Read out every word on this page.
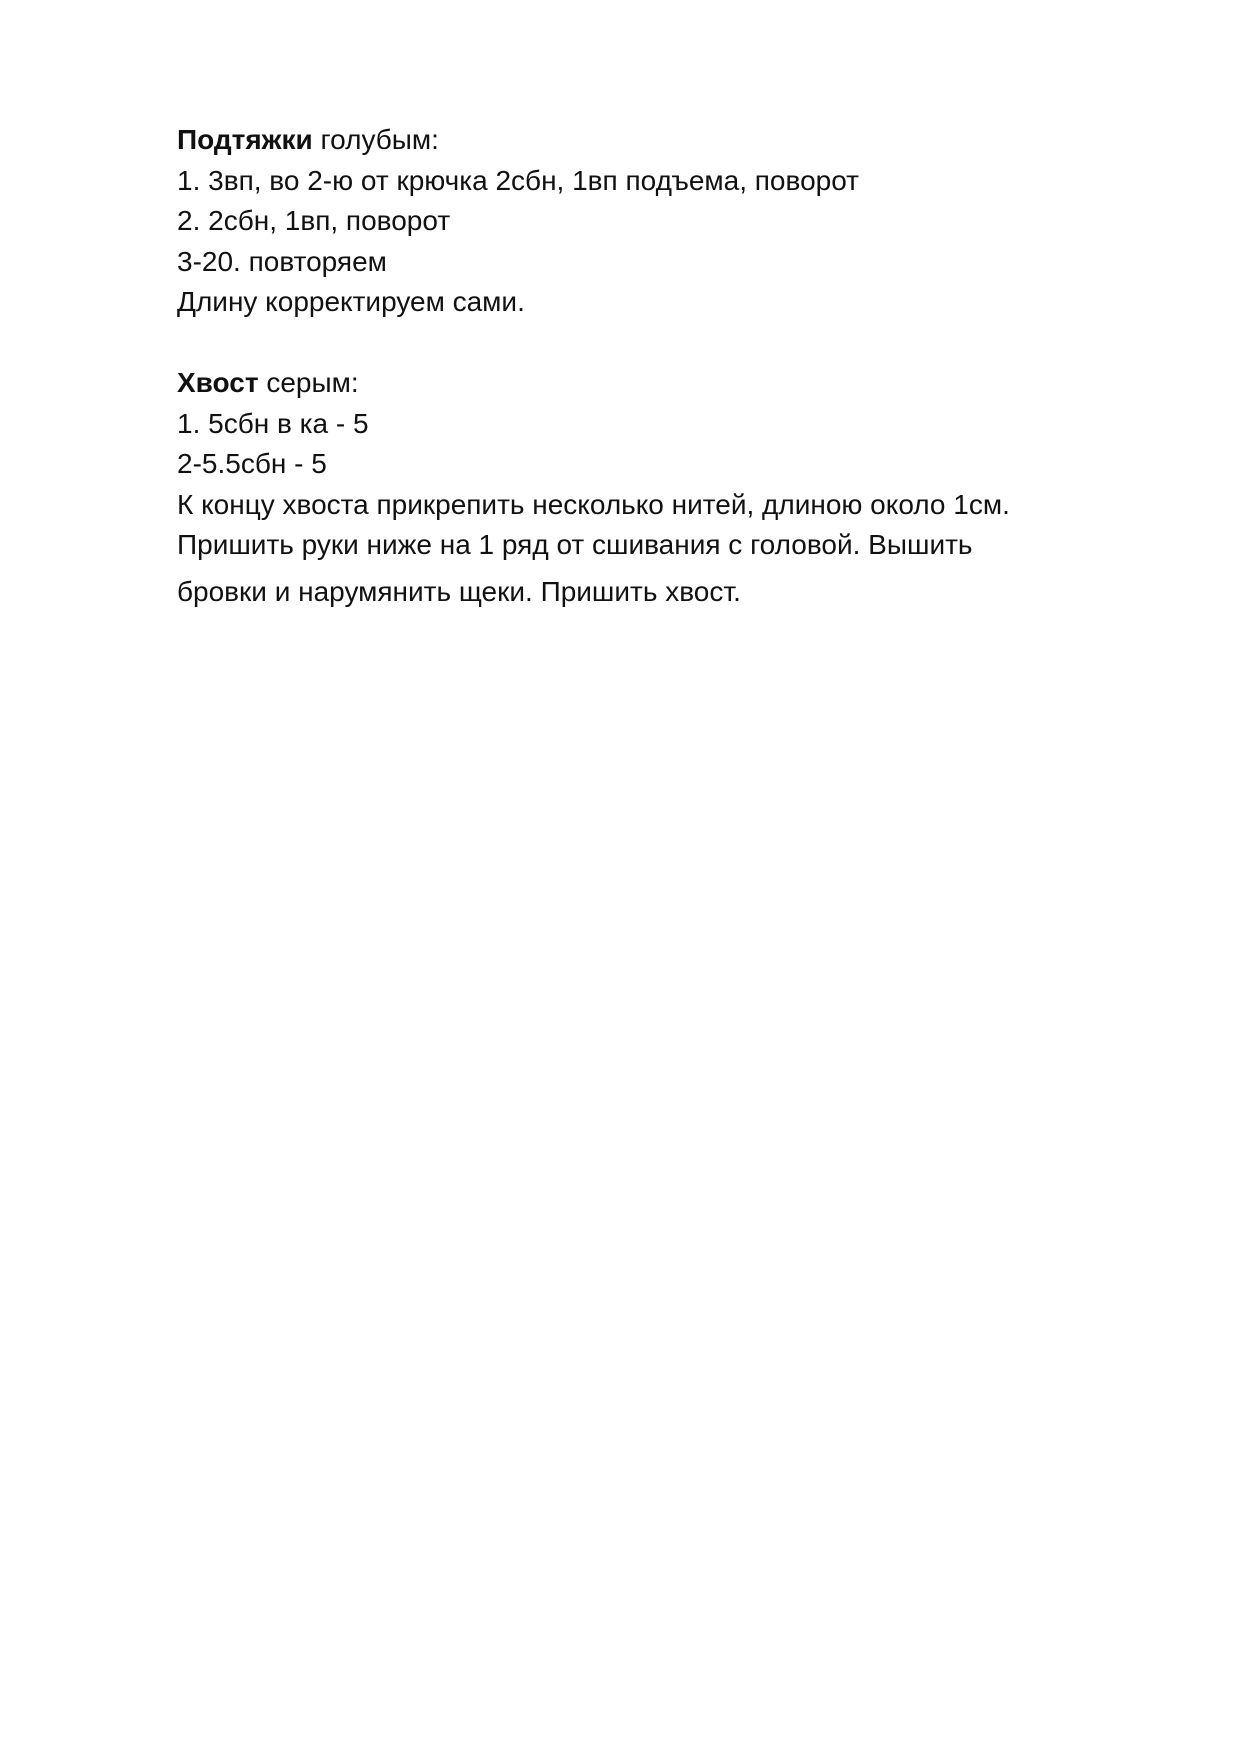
Подтяжки голубым:

1. 3вп, во 2-ю от крючка 2сбн, 1вп подъема, поворот

2. 2сбн, 1вп, поворот

3-20. повторяем

Длину корректируем сами.

Хвост серым:

1. 5сбн в ка - 5

2-5.5сбн - 5

К концу хвоста прикрепить несколько нитей, длиною около 1см.

Пришить руки ниже на 1 ряд от сшивания с головой. Вышить

бровки и нарумянить щеки. Пришить хвост.
